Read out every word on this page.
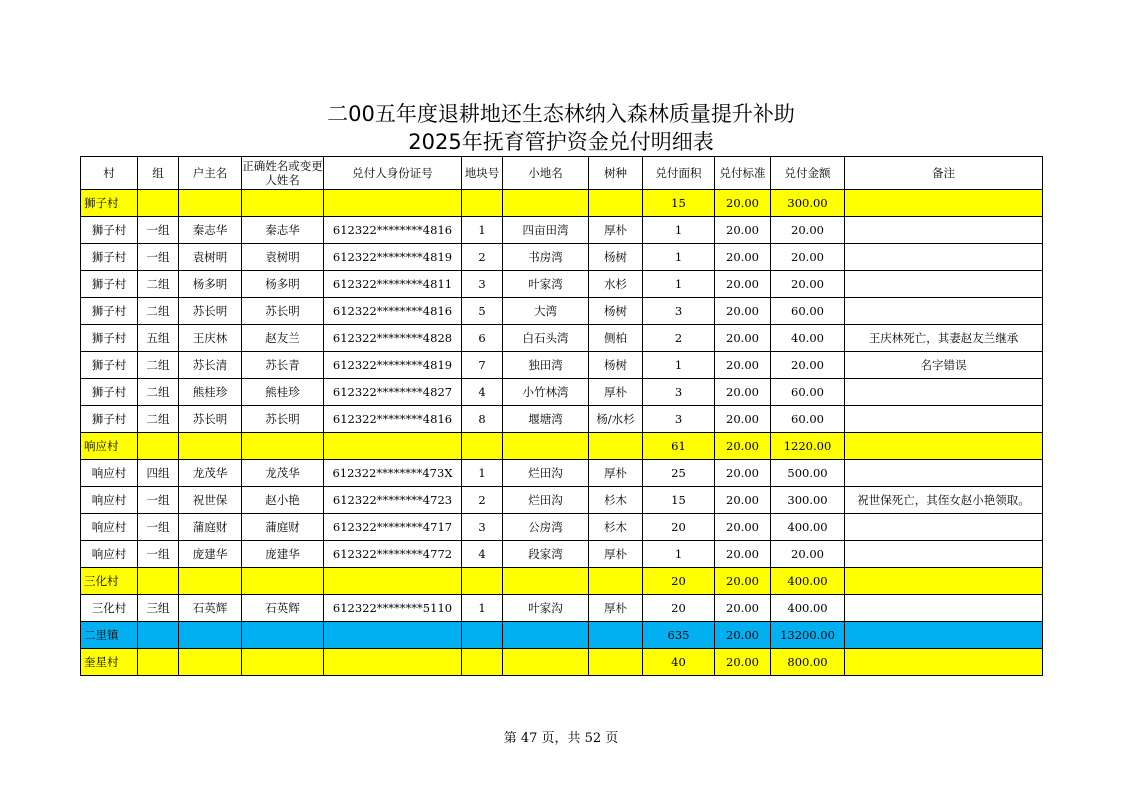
二00五年度退耕地还生态林纳入森林质量提升补助
2025年抚育管护资金兑付明细表
村	组	户主名	正确姓名或变更人姓名	兑付人身份证号	地块号	小地名	树种	兑付面积	兑付标准	兑付金额	备注
狮子村								15	20.00	300.00	
狮子村	一组	秦志华	秦志华	612322********4816	1	四亩田湾	厚朴	1	20.00	20.00	
狮子村	一组	袁树明	袁树明	612322********4819	2	书房湾	杨树	1	20.00	20.00	
狮子村	二组	杨多明	杨多明	612322********4811	3	叶家湾	水杉	1	20.00	20.00	
狮子村	二组	苏长明	苏长明	612322********4816	5	大湾	杨树	3	20.00	60.00	
狮子村	五组	王庆林	赵友兰	612322********4828	6	白石头湾	侧柏	2	20.00	40.00	王庆林死亡，其妻赵友兰继承
狮子村	二组	苏长清	苏长青	612322********4819	7	独田湾	杨树	1	20.00	20.00	名字错误
狮子村	二组	熊桂珍	熊桂珍	612322********4827	4	小竹林湾	厚朴	3	20.00	60.00	
狮子村	二组	苏长明	苏长明	612322********4816	8	堰塘湾	杨/水杉	3	20.00	60.00	
响应村								61	20.00	1220.00	
响应村	四组	龙茂华	龙茂华	612322********473X	1	烂田沟	厚朴	25	20.00	500.00	
响应村	一组	祝世保	赵小艳	612322********4723	2	烂田沟	杉木	15	20.00	300.00	祝世保死亡，其侄女赵小艳领取。
响应村	一组	蒲庭财	蒲庭财	612322********4717	3	公房湾	杉木	20	20.00	400.00	
响应村	一组	庞建华	庞建华	612322********4772	4	段家湾	厚朴	1	20.00	20.00	
三化村								20	20.00	400.00	
三化村	三组	石英辉	石英辉	612322********5110	1	叶家沟	厚朴	20	20.00	400.00	
二里镇								635	20.00	13200.00	
奎星村								40	20.00	800.00	
第 47 页，共 52 页
